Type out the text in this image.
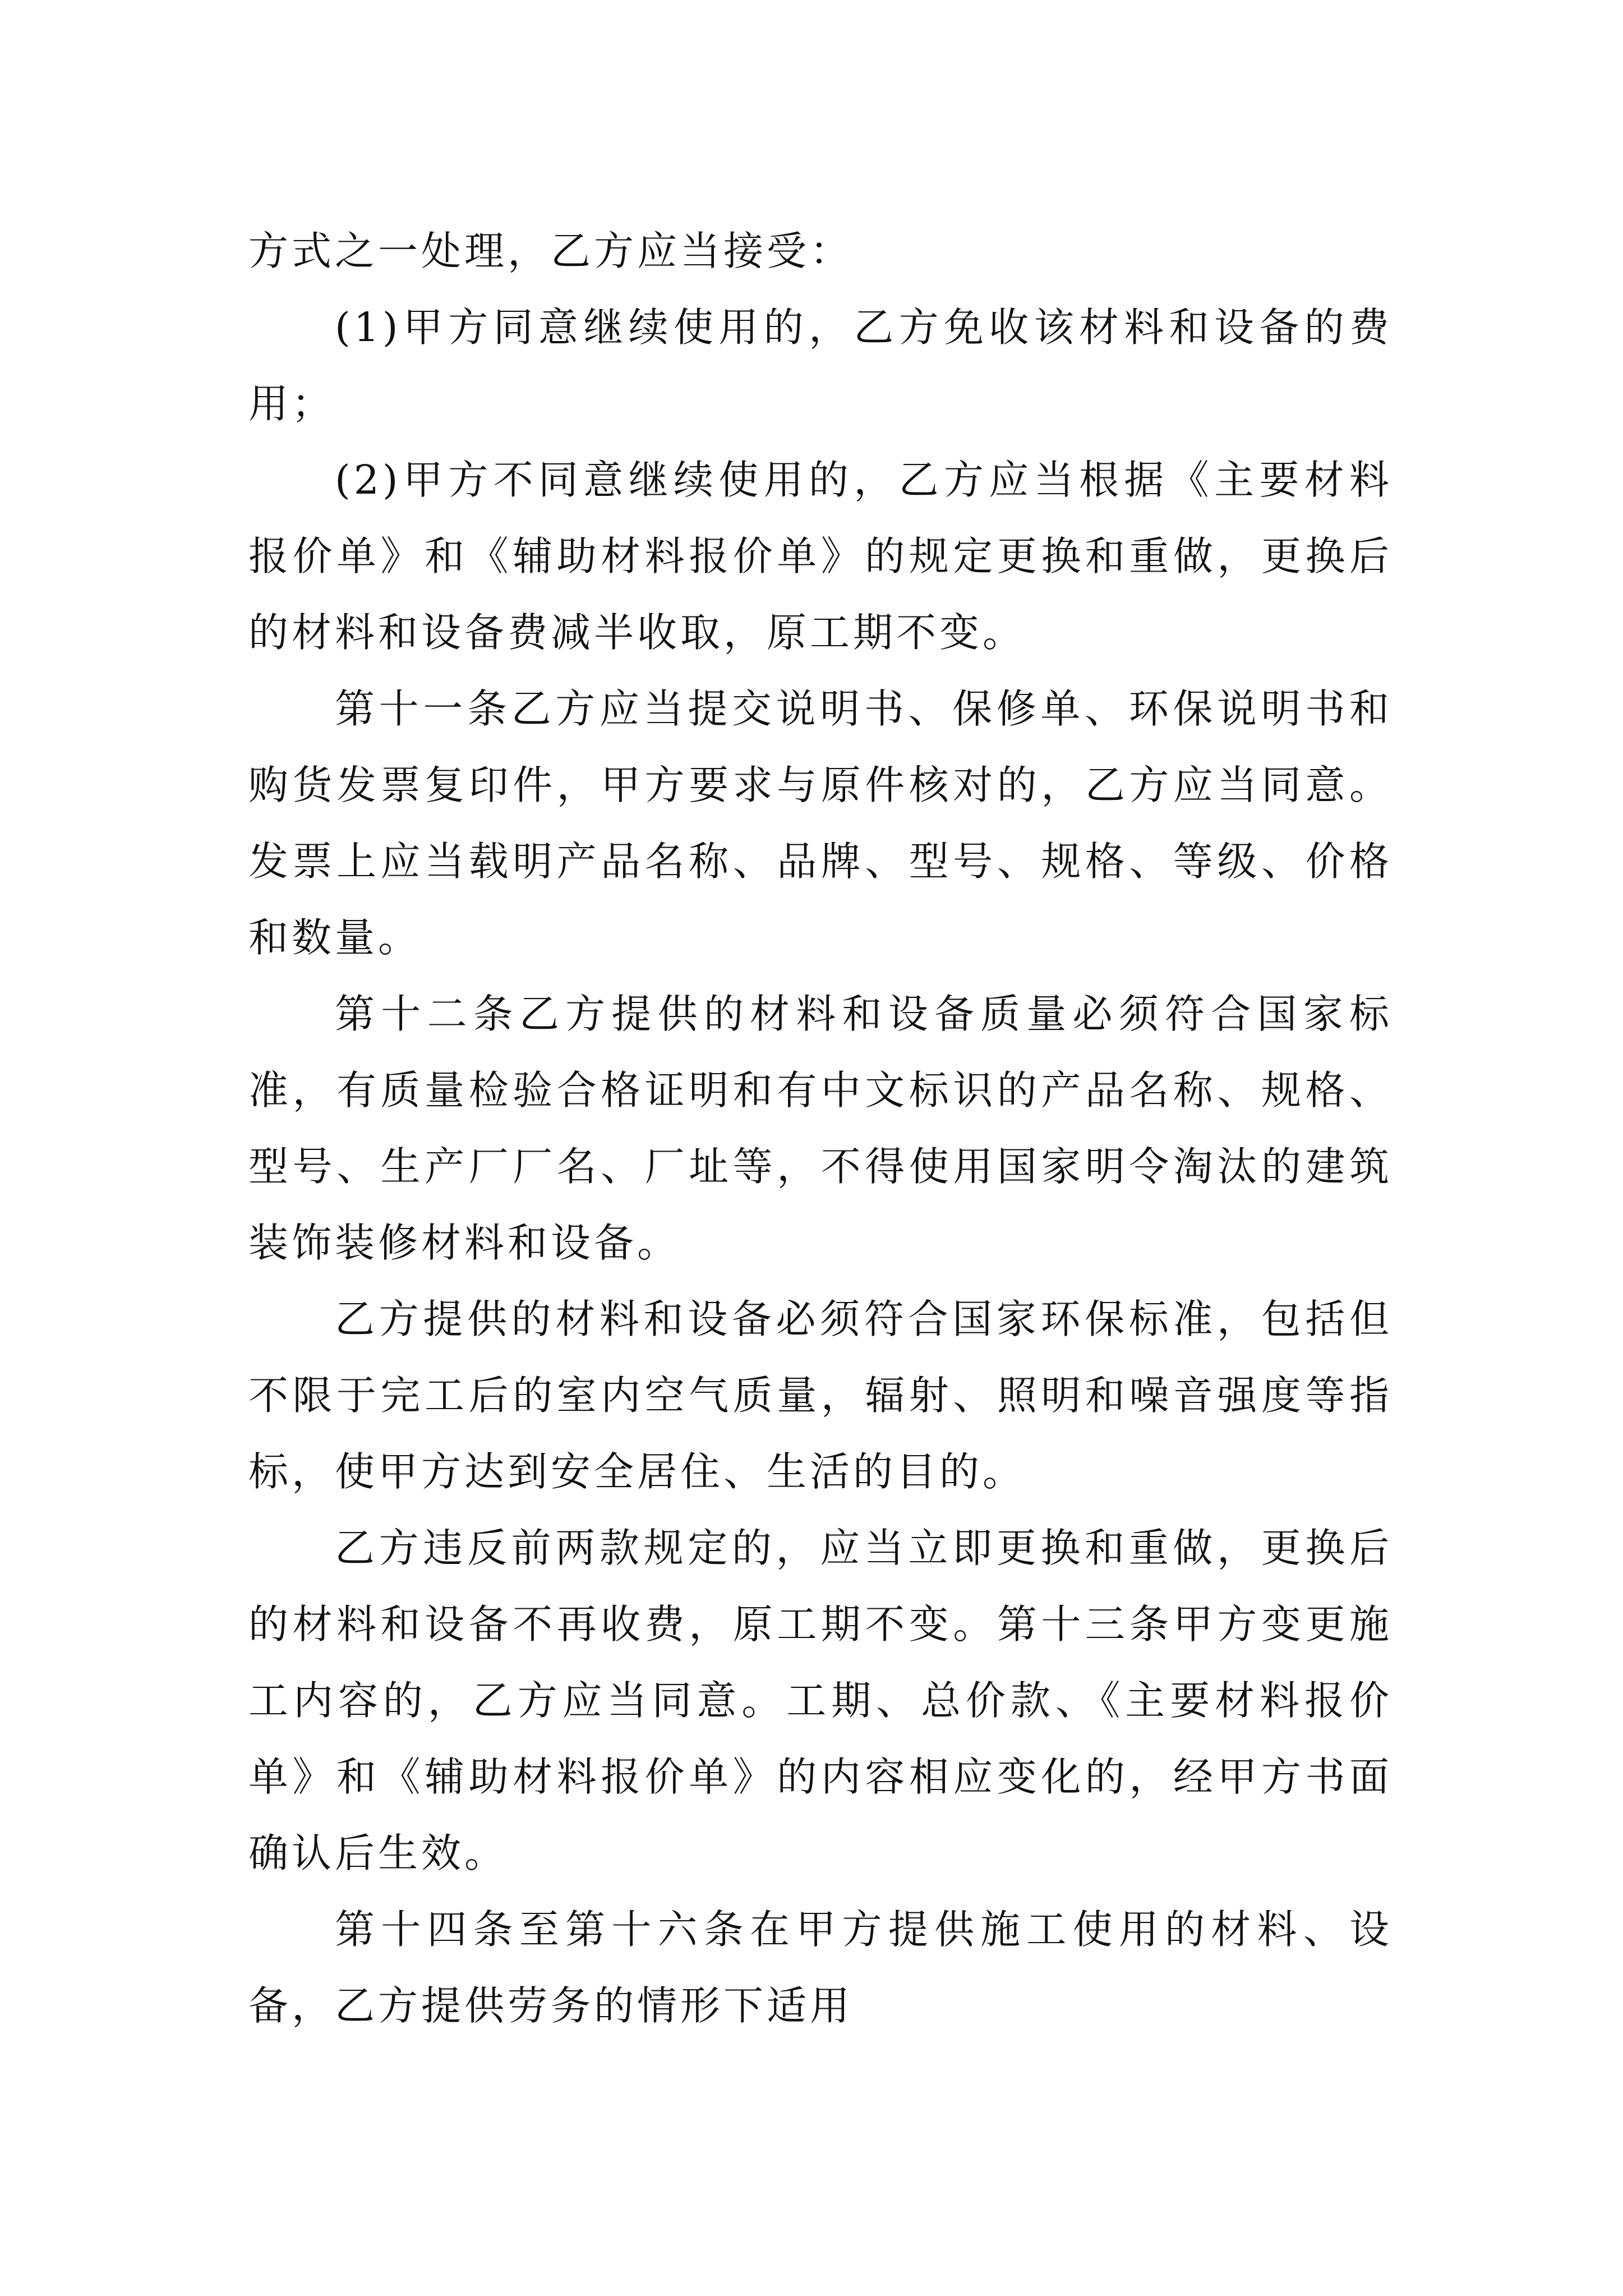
方式之一处理，乙方应当接受：

(1)甲方同意继续使用的，乙方免收该材料和设备的费用；

(2)甲方不同意继续使用的，乙方应当根据《主要材料报价单》和《辅助材料报价单》的规定更换和重做，更换后的材料和设备费减半收取，原工期不变。

第十一条乙方应当提交说明书、保修单、环保说明书和购货发票复印件，甲方要求与原件核对的，乙方应当同意。发票上应当载明产品名称、品牌、型号、规格、等级、价格和数量。

第十二条乙方提供的材料和设备质量必须符合国家标准，有质量检验合格证明和有中文标识的产品名称、规格、型号、生产厂厂名、厂址等，不得使用国家明令淘汰的建筑装饰装修材料和设备。

乙方提供的材料和设备必须符合国家环保标准，包括但不限于完工后的室内空气质量，辐射、照明和噪音强度等指标，使甲方达到安全居住、生活的目的。

乙方违反前两款规定的，应当立即更换和重做，更换后的材料和设备不再收费，原工期不变。第十三条甲方变更施工内容的，乙方应当同意。工期、总价款、《主要材料报价单》和《辅助材料报价单》的内容相应变化的，经甲方书面确认后生效。

第十四条至第十六条在甲方提供施工使用的材料、设备，乙方提供劳务的情形下适用
